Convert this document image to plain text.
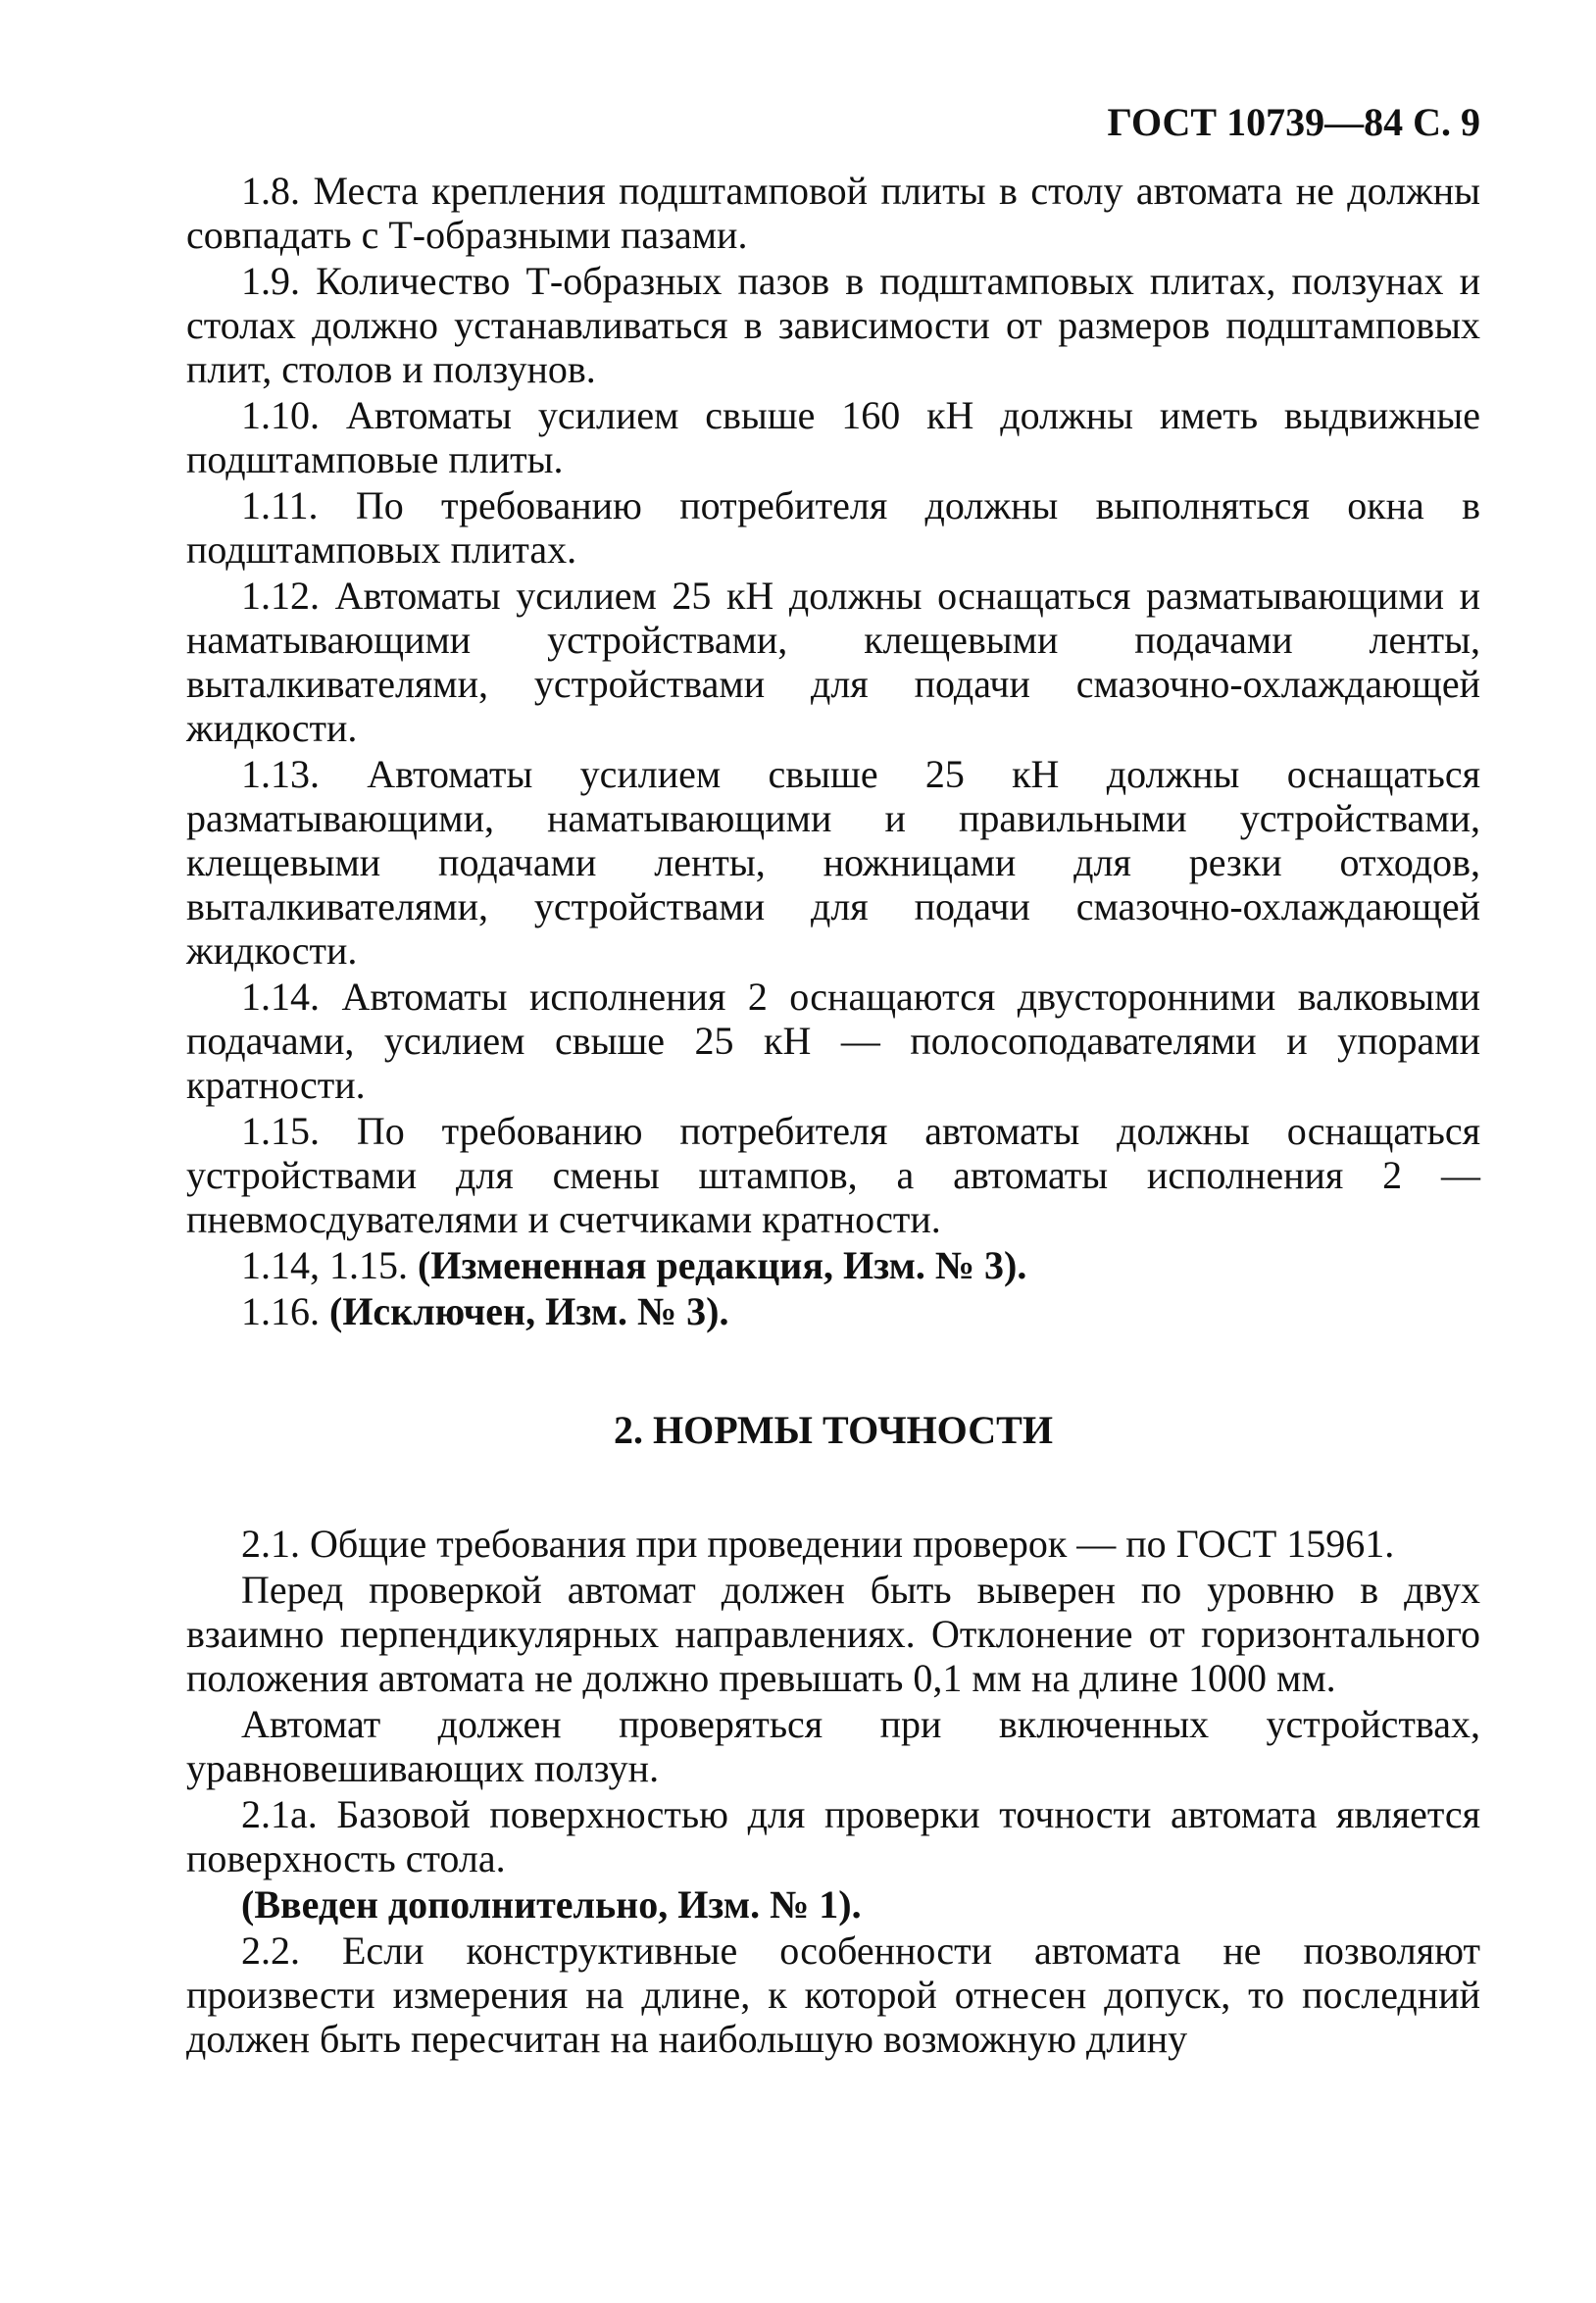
ГОСТ 10739—84 С. 9

1.8. Места крепления подштамповой плиты в столу автомата не должны совпадать с Т-образными пазами.

1.9. Количество Т-образных пазов в подштамповых плитах, ползунах и столах должно устанавливаться в зависимости от размеров подштамповых плит, столов и ползунов.

1.10. Автоматы усилием свыше 160 кН должны иметь выдвижные подштамповые плиты.

1.11. По требованию потребителя должны выполняться окна в подштамповых плитах.

1.12. Автоматы усилием 25 кН должны оснащаться разматывающими и наматывающими устройствами, клещевыми подачами ленты, выталкивателями, устройствами для подачи смазочно-охлаждающей жидкости.

1.13. Автоматы усилием свыше 25 кН должны оснащаться разматывающими, наматывающими и правильными устройствами, клещевыми подачами ленты, ножницами для резки отходов, выталкивателями, устройствами для подачи смазочно-охлаждающей жидкости.

1.14. Автоматы исполнения 2 оснащаются двусторонними валковыми подачами, усилием свыше 25 кН — полосоподавателями и упорами кратности.

1.15. По требованию потребителя автоматы должны оснащаться устройствами для смены штампов, а автоматы исполнения 2 — пневмосдувателями и счетчиками кратности.

1.14, 1.15. (Измененная редакция, Изм. № 3).

1.16. (Исключен, Изм. № 3).

2. НОРМЫ ТОЧНОСТИ

2.1. Общие требования при проведении проверок — по ГОСТ 15961.

Перед проверкой автомат должен быть выверен по уровню в двух взаимно перпендикулярных направлениях. Отклонение от горизонтального положения автомата не должно превышать 0,1 мм на длине 1000 мм.

Автомат должен проверяться при включенных устройствах, уравновешивающих ползун.

2.1а. Базовой поверхностью для проверки точности автомата является поверхность стола.

(Введен дополнительно, Изм. № 1).

2.2. Если конструктивные особенности автомата не позволяют произвести измерения на длине, к которой отнесен допуск, то последний должен быть пересчитан на наибольшую возможную длину
